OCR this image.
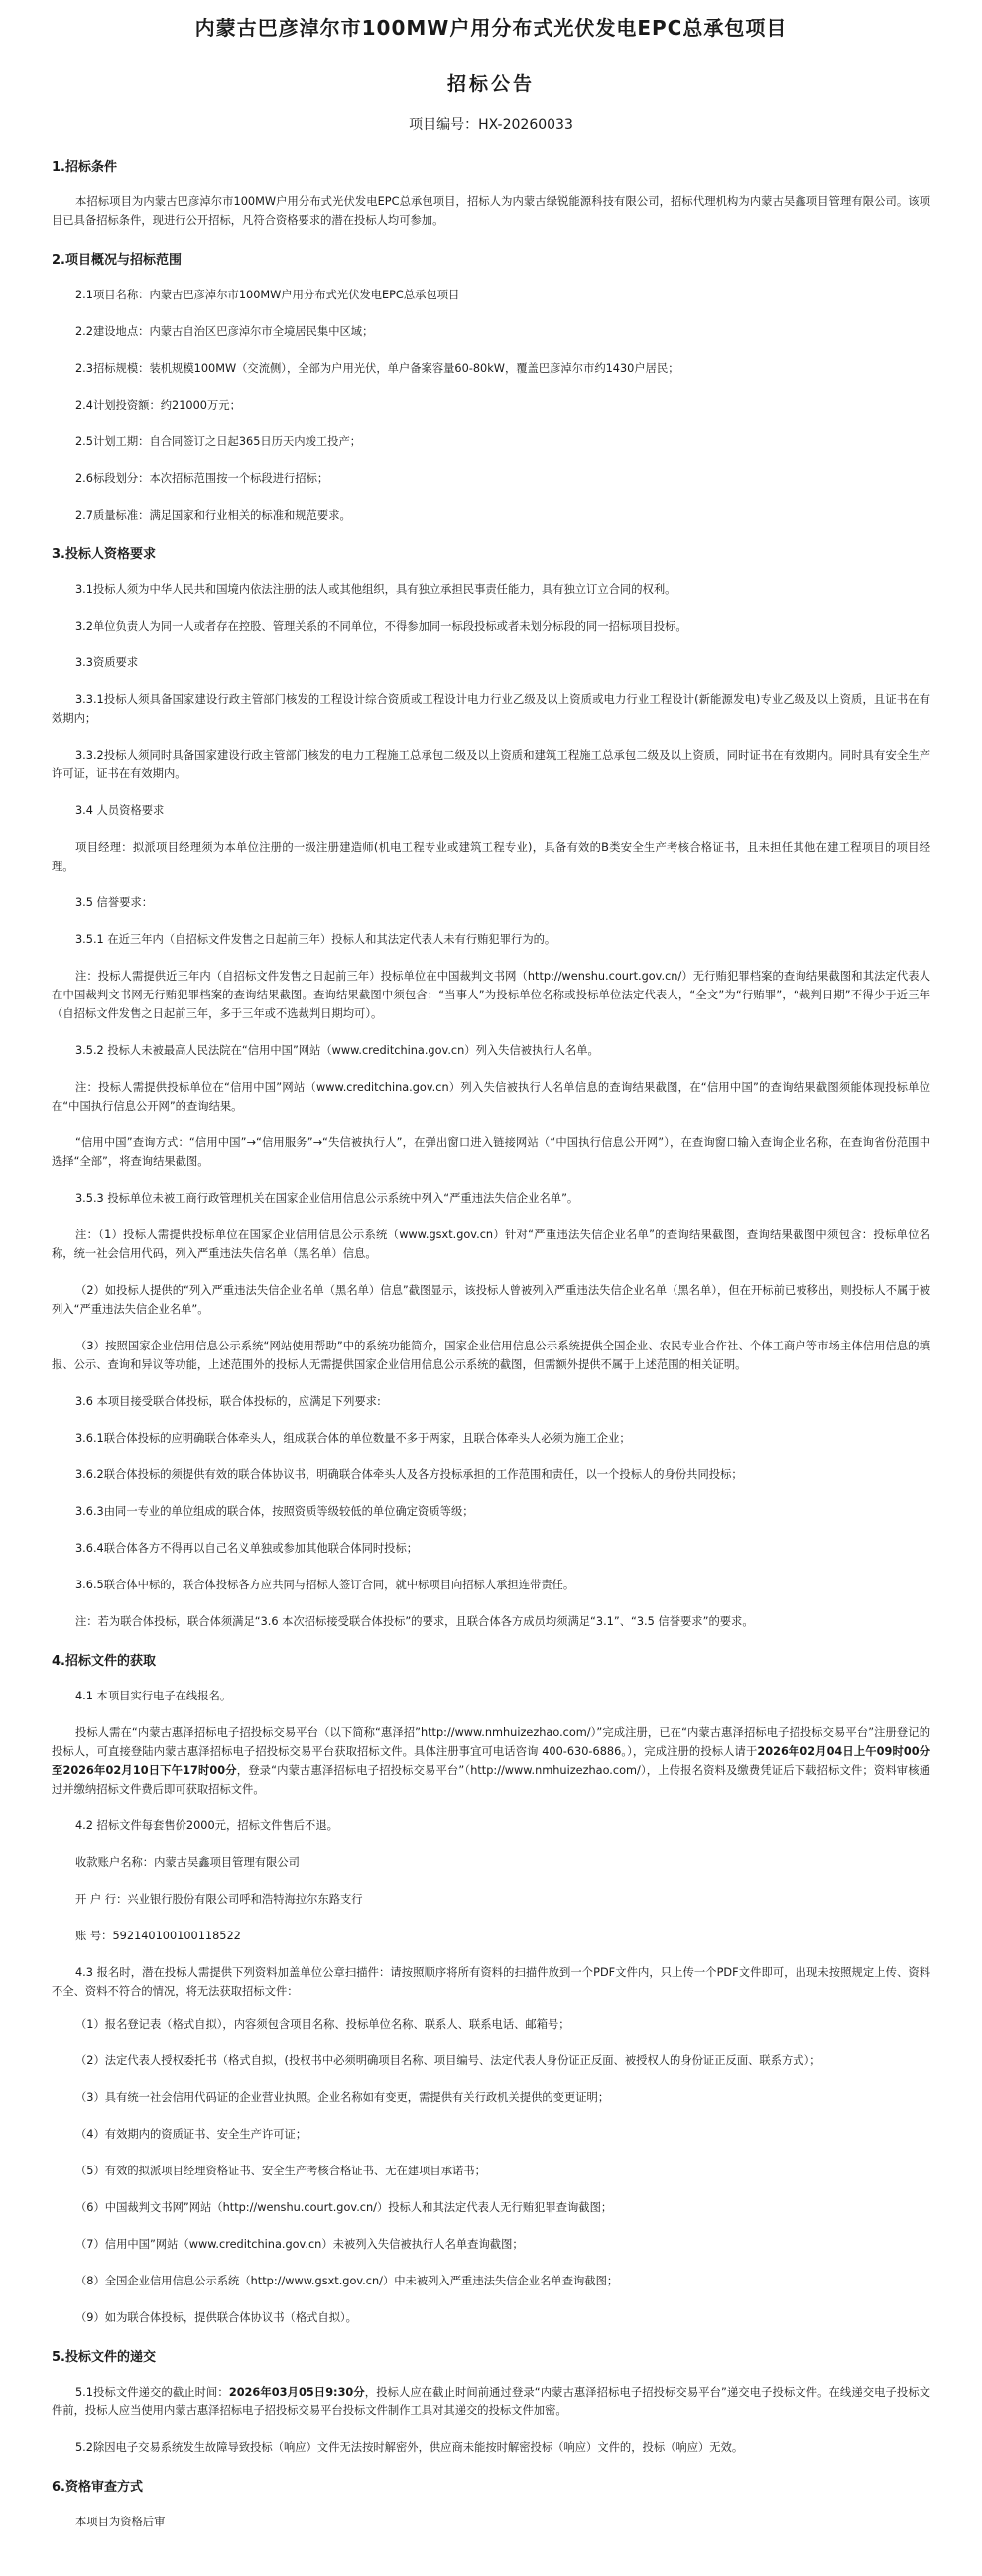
内蒙古巴彦淖尔市100MW户用分布式光伏发电EPC总承包项目
招标公告
项目编号：HX-20260033
1.招标条件
本招标项目为内蒙古巴彦淖尔市100MW户用分布式光伏发电EPC总承包项目，招标人为内蒙古绿锐能源科技有限公司，招标代理机构为内蒙古吴鑫项目管理有限公司。该项目已具备招标条件，现进行公开招标，凡符合资格要求的潜在投标人均可参加。
2.项目概况与招标范围
2.1项目名称：内蒙古巴彦淖尔市100MW户用分布式光伏发电EPC总承包项目
2.2建设地点：内蒙古自治区巴彦淖尔市全境居民集中区域；
2.3招标规模：装机规模100MW（交流侧），全部为户用光伏，单户备案容量60-80kW，覆盖巴彦淖尔市约1430户居民；
2.4计划投资额：约21000万元；
2.5计划工期：自合同签订之日起365日历天内竣工投产；
2.6标段划分：本次招标范围按一个标段进行招标；
2.7质量标准：满足国家和行业相关的标准和规范要求。
3.投标人资格要求
3.1投标人须为中华人民共和国境内依法注册的法人或其他组织，具有独立承担民事责任能力，具有独立订立合同的权利。
3.2单位负责人为同一人或者存在控股、管理关系的不同单位，不得参加同一标段投标或者未划分标段的同一招标项目投标。
3.3资质要求
3.3.1投标人须具备国家建设行政主管部门核发的工程设计综合资质或工程设计电力行业乙级及以上资质或电力行业工程设计(新能源发电)专业乙级及以上资质，且证书在有效期内；
3.3.2投标人须同时具备国家建设行政主管部门核发的电力工程施工总承包二级及以上资质和建筑工程施工总承包二级及以上资质，同时证书在有效期内。同时具有安全生产许可证，证书在有效期内。
3.4 人员资格要求
项目经理：拟派项目经理须为本单位注册的一级注册建造师(机电工程专业或建筑工程专业)，具备有效的B类安全生产考核合格证书，且未担任其他在建工程项目的项目经理。
3.5 信誉要求：
3.5.1 在近三年内（自招标文件发售之日起前三年）投标人和其法定代表人未有行贿犯罪行为的。
注：投标人需提供近三年内（自招标文件发售之日起前三年）投标单位在中国裁判文书网（http://wenshu.court.gov.cn/）无行贿犯罪档案的查询结果截图和其法定代表人在中国裁判文书网无行贿犯罪档案的查询结果截图。查询结果截图中须包含：“当事人”为投标单位名称或投标单位法定代表人，“全文”为“行贿罪”，“裁判日期”不得少于近三年（自招标文件发售之日起前三年，多于三年或不选裁判日期均可）。
3.5.2 投标人未被最高人民法院在“信用中国”网站（www.creditchina.gov.cn）列入失信被执行人名单。
注：投标人需提供投标单位在“信用中国”网站（www.creditchina.gov.cn）列入失信被执行人名单信息的查询结果截图，在“信用中国”的查询结果截图须能体现投标单位在“中国执行信息公开网”的查询结果。
“信用中国”查询方式：“信用中国”→“信用服务”→“失信被执行人”，在弹出窗口进入链接网站（“中国执行信息公开网”），在查询窗口输入查询企业名称，在查询省份范围中选择“全部”，将查询结果截图。
3.5.3 投标单位未被工商行政管理机关在国家企业信用信息公示系统中列入“严重违法失信企业名单”。
注：（1）投标人需提供投标单位在国家企业信用信息公示系统（www.gsxt.gov.cn）针对“严重违法失信企业名单”的查询结果截图，查询结果截图中须包含：投标单位名称，统一社会信用代码，列入严重违法失信名单（黑名单）信息。
（2）如投标人提供的“列入严重违法失信企业名单（黑名单）信息”截图显示，该投标人曾被列入严重违法失信企业名单（黑名单），但在开标前已被移出，则投标人不属于被列入“严重违法失信企业名单”。
（3）按照国家企业信用信息公示系统“网站使用帮助”中的系统功能简介，国家企业信用信息公示系统提供全国企业、农民专业合作社、个体工商户等市场主体信用信息的填报、公示、查询和异议等功能，上述范围外的投标人无需提供国家企业信用信息公示系统的截图，但需额外提供不属于上述范围的相关证明。
3.6 本项目接受联合体投标，联合体投标的，应满足下列要求:
3.6.1联合体投标的应明确联合体牵头人，组成联合体的单位数量不多于两家，且联合体牵头人必须为施工企业；
3.6.2联合体投标的须提供有效的联合体协议书，明确联合体牵头人及各方投标承担的工作范围和责任，以一个投标人的身份共同投标；
3.6.3由同一专业的单位组成的联合体，按照资质等级较低的单位确定资质等级；
3.6.4联合体各方不得再以自己名义单独或参加其他联合体同时投标；
3.6.5联合体中标的，联合体投标各方应共同与招标人签订合同，就中标项目向招标人承担连带责任。
注：若为联合体投标，联合体须满足“3.6 本次招标接受联合体投标”的要求，且联合体各方成员均须满足“3.1”、“3.5 信誉要求”的要求。
4.招标文件的获取
4.1 本项目实行电子在线报名。
投标人需在“内蒙古惠泽招标电子招投标交易平台（以下简称“惠泽招”http://www.nmhuizezhao.com/）”完成注册，已在“内蒙古惠泽招标电子招投标交易平台”注册登记的投标人，可直接登陆内蒙古惠泽招标电子招投标交易平台获取招标文件。具体注册事宜可电话咨询 400-630-6886。），完成注册的投标人请于2026年02月04日上午09时00分至2026年02月10日下午17时00分，登录“内蒙古惠泽招标电子招投标交易平台”（http://www.nmhuizezhao.com/），上传报名资料及缴费凭证后下载招标文件；资料审核通过并缴纳招标文件费后即可获取招标文件。
4.2 招标文件每套售价2000元，招标文件售后不退。
收款账户名称：内蒙古吴鑫项目管理有限公司
开 户 行：兴业银行股份有限公司呼和浩特海拉尔东路支行
账 号：592140100100118522
4.3 报名时，潜在投标人需提供下列资料加盖单位公章扫描件：请按照顺序将所有资料的扫描件放到一个PDF文件内，只上传一个PDF文件即可，出现未按照规定上传、资料不全、资料不符合的情况，将无法获取招标文件：
（1）报名登记表（格式自拟），内容须包含项目名称、投标单位名称、联系人、联系电话、邮箱号；
（2）法定代表人授权委托书（格式自拟，(投权书中必须明确项目名称、项目编号、法定代表人身份证正反面、被授权人的身份证正反面、联系方式）；
（3）具有统一社会信用代码证的企业营业执照。企业名称如有变更，需提供有关行政机关提供的变更证明；
（4）有效期内的资质证书、安全生产许可证；
（5）有效的拟派项目经理资格证书、安全生产考核合格证书、无在建项目承诺书；
（6）中国裁判文书网”网站（http://wenshu.court.gov.cn/）投标人和其法定代表人无行贿犯罪查询截图；
（7）信用中国”网站（www.creditchina.gov.cn）未被列入失信被执行人名单查询截图；
（8）全国企业信用信息公示系统（http://www.gsxt.gov.cn/）中未被列入严重违法失信企业名单查询截图；
（9）如为联合体投标，提供联合体协议书（格式自拟）。
5.投标文件的递交
5.1投标文件递交的截止时间：2026年03月05日9:30分，投标人应在截止时间前通过登录“内蒙古惠泽招标电子招投标交易平台”递交电子投标文件。在线递交电子投标文件前，投标人应当使用内蒙古惠泽招标电子招投标交易平台投标文件制作工具对其递交的投标文件加密。
5.2除因电子交易系统发生故障导致投标（响应）文件无法按时解密外，供应商未能按时解密投标（响应）文件的，投标（响应）无效。
6.资格审查方式
本项目为资格后审
